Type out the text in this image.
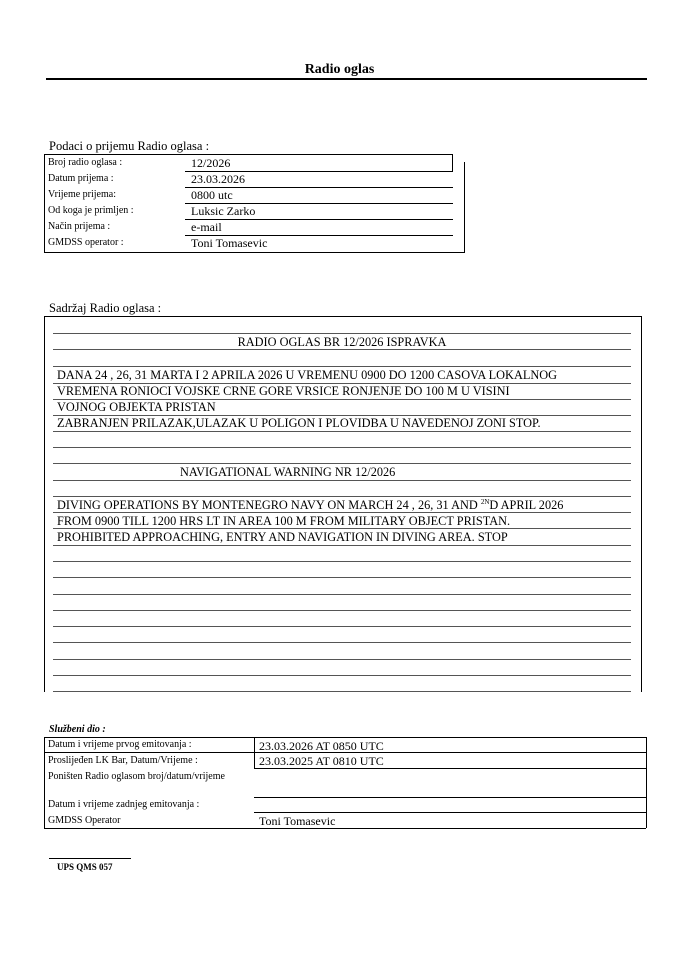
Radio oglas
Podaci o prijemu Radio oglasa :
Broj radio oglasa :	12/2026
Datum prijema :	23.03.2026
Vrijeme prijema:	0800 utc
Od koga je primljen :	Luksic Zarko
Način prijema :	e-mail
GMDSS operator :	Toni Tomasevic
Sadržaj Radio oglasa :
RADIO OGLAS BR 12/2026 ISPRAVKA
DANA 24 , 26, 31 MARTA I 2 APRILA 2026 U VREMENU 0900 DO 1200 CASOVA LOKALNOG
VREMENA RONIOCI VOJSKE CRNE GORE VRSICE RONJENJE DO 100 M U VISINI
VOJNOG OBJEKTA PRISTAN
ZABRANJEN PRILAZAK,ULAZAK U POLIGON I PLOVIDBA U NAVEDENOJ ZONI STOP.
NAVIGATIONAL WARNING NR 12/2026
DIVING OPERATIONS BY MONTENEGRO NAVY ON MARCH 24 , 26, 31 AND $^{2N}$D APRIL 2026
FROM 0900 TILL 1200 HRS LT IN AREA 100 M FROM MILITARY OBJECT PRISTAN.
PROHIBITED APPROACHING, ENTRY AND NAVIGATION IN DIVING AREA. STOP
Službeni dio :
Datum i vrijeme prvog emitovanja :	23.03.2026 AT 0850 UTC
Proslijeđen LK Bar, Datum/Vrijeme :	23.03.2025 AT 0810 UTC
Poništen Radio oglasom broj/datum/vrijeme
Datum i vrijeme zadnjeg emitovanja :
GMDSS Operator	Toni Tomasevic
UPS QMS 057
